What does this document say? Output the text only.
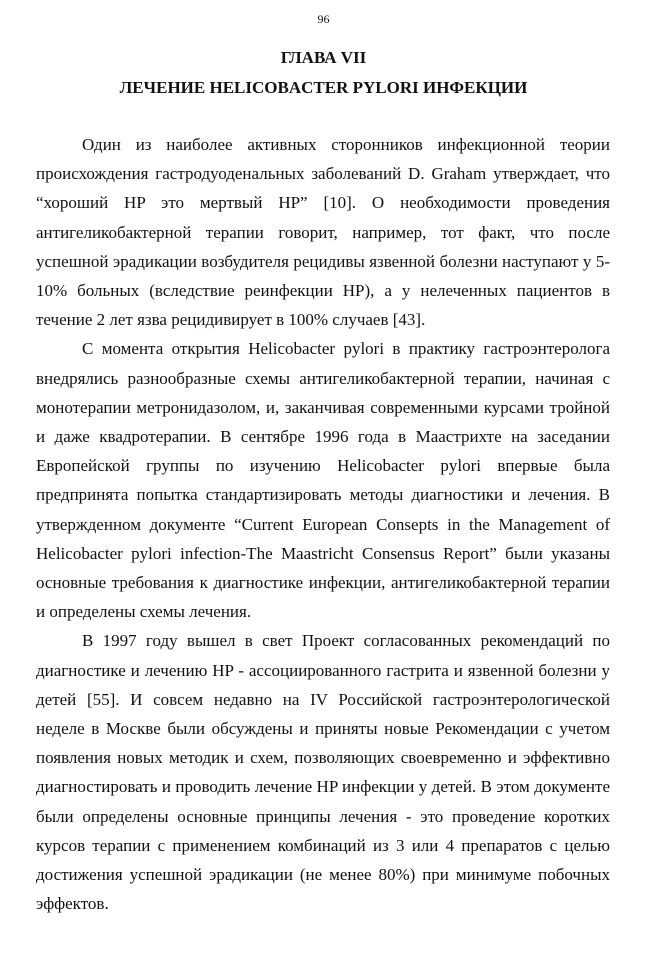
96
ГЛАВА VII
ЛЕЧЕНИЕ HELICOBACTER PYLORI ИНФЕКЦИИ

Один из наиболее активных сторонников инфекционной теории происхождения гастродуоденальных заболеваний D. Graham утверждает, что “хороший HP это мертвый HP” [10]. О необходимости проведения антигеликобактерной терапии говорит, например, тот факт, что после успешной эрадикации возбудителя рецидивы язвенной болезни наступают у 5-10% больных (вследствие реинфекции HP), а у нелеченных пациентов в течение 2 лет язва рецидивирует в 100% случаев [43].

С момента открытия Helicobacter pylori в практику гастроэнтеролога внедрялись разнообразные схемы антигеликобактерной терапии, начиная с монотерапии метронидазолом, и, заканчивая современными курсами тройной и даже квадротерапии. В сентябре 1996 года в Маастрихте на заседании Европейской группы по изучению Helicobacter pylori впервые была предпринята попытка стандартизировать методы диагностики и лечения. В утвержденном документе “Current European Consepts in the Management of Helicobacter pylori infection-The Maastricht Consensus Report” были указаны основные требования к диагностике инфекции, антигеликобактерной терапии и определены схемы лечения.

В 1997 году вышел в свет Проект согласованных рекомендаций по диагностике и лечению HP - ассоциированного гастрита и язвенной болезни у детей [55]. И совсем недавно на IV Российской гастроэнтерологической неделе в Москве были обсуждены и приняты новые Рекомендации с учетом появления новых методик и схем, позволяющих своевременно и эффективно диагностировать и проводить лечение HP инфекции у детей. В этом документе были определены основные принципы лечения - это проведение коротких курсов терапии с применением комбинаций из 3 или 4 препаратов с целью достижения успешной эрадикации (не менее 80%) при минимуме побочных эффектов.
